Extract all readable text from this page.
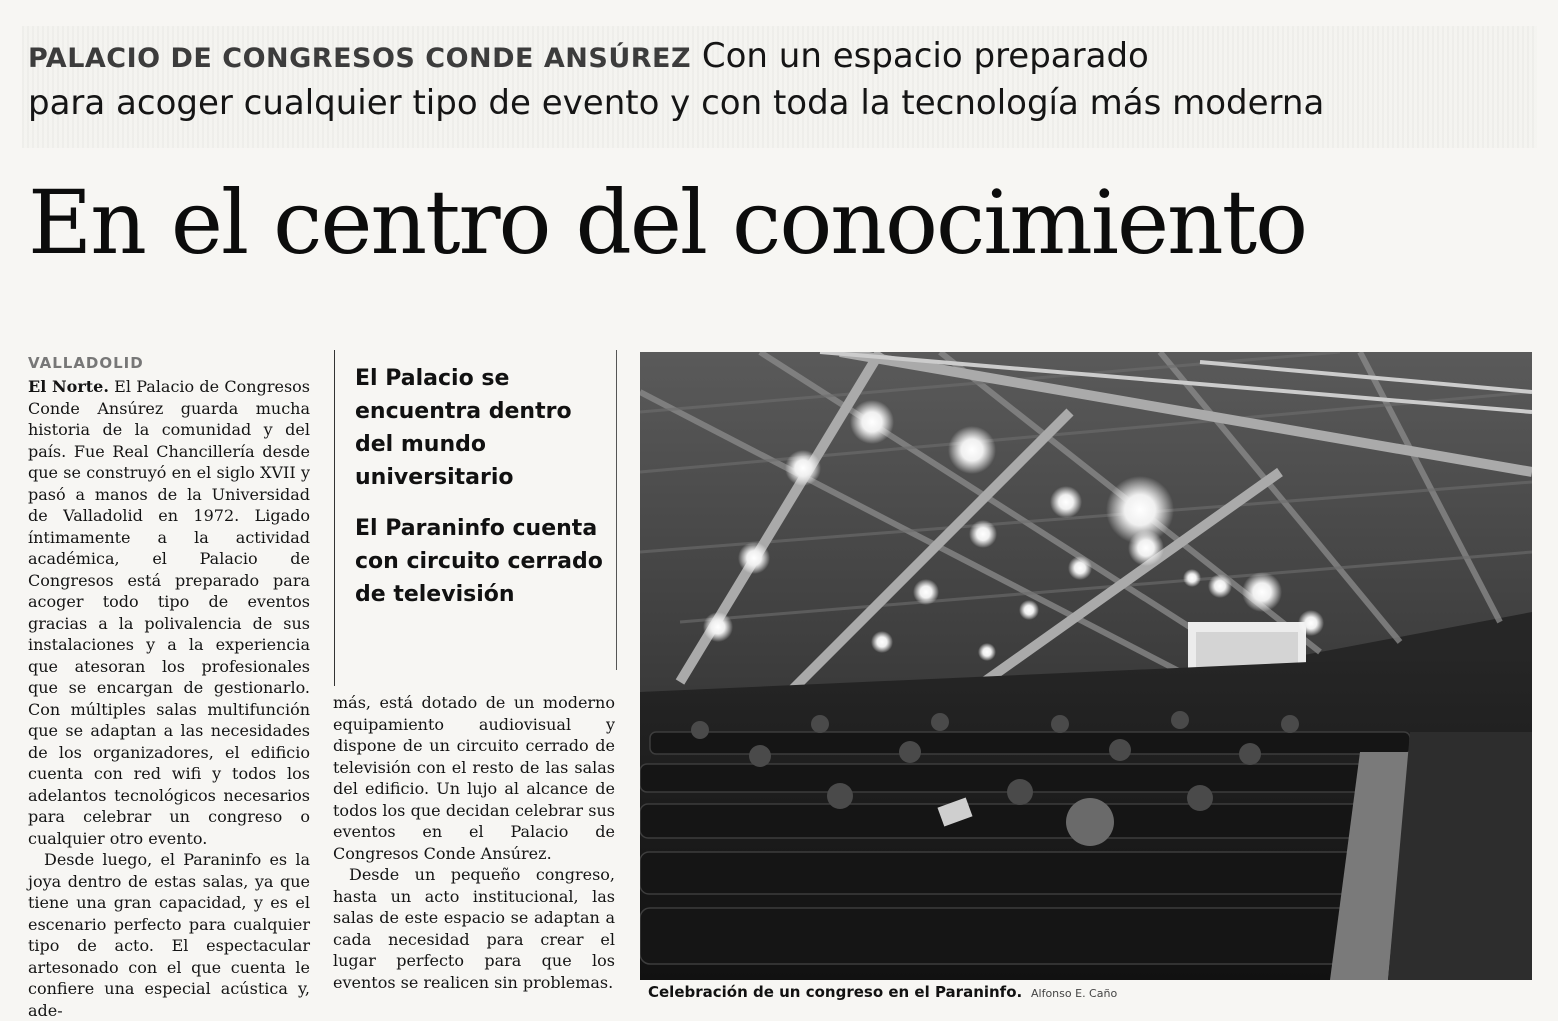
PALACIO DE CONGRESOS CONDE ANSÚREZ Con un espacio preparado
para acoger cualquier tipo de evento y con toda la tecnología más moderna
En el centro del conocimiento
VALLADOLID

El Norte. El Palacio de Congresos Conde Ansúrez guarda mucha historia de la comunidad y del país. Fue Real Chancillería desde que se construyó en el siglo XVII y pasó a manos de la Universidad de Valladolid en 1972. Ligado íntimamente a la actividad académica, el Palacio de Congresos está preparado para acoger todo tipo de eventos gracias a la polivalencia de sus instalaciones y a la experiencia que atesoran los profesionales que se encargan de gestionarlo. Con múltiples salas multifunción que se adaptan a las necesidades de los organizadores, el edificio cuenta con red wifi y todos los adelantos tecnológicos necesarios para celebrar un congreso o cualquier otro evento.

Desde luego, el Paraninfo es la joya dentro de estas salas, ya que tiene una gran capacidad, y es el escenario perfecto para cualquier tipo de acto. El espectacular artesonado con el que cuenta le confiere una especial acústica y, ade-

El Palacio se encuentra dentro del mundo universitario
El Paraninfo cuenta con circuito cerrado de televisión

más, está dotado de un moderno equipamiento audiovisual y dispone de un circuito cerrado de televisión con el resto de las salas del edificio. Un lujo al alcance de todos los que decidan celebrar sus eventos en el Palacio de Congresos Conde Ansúrez.

Desde un pequeño congreso, hasta un acto institucional, las salas de este espacio se adaptan a cada necesidad para crear el lugar perfecto para que los eventos se realicen sin problemas.

Celebración de un congreso en el Paraninfo. Alfonso E. Caño
